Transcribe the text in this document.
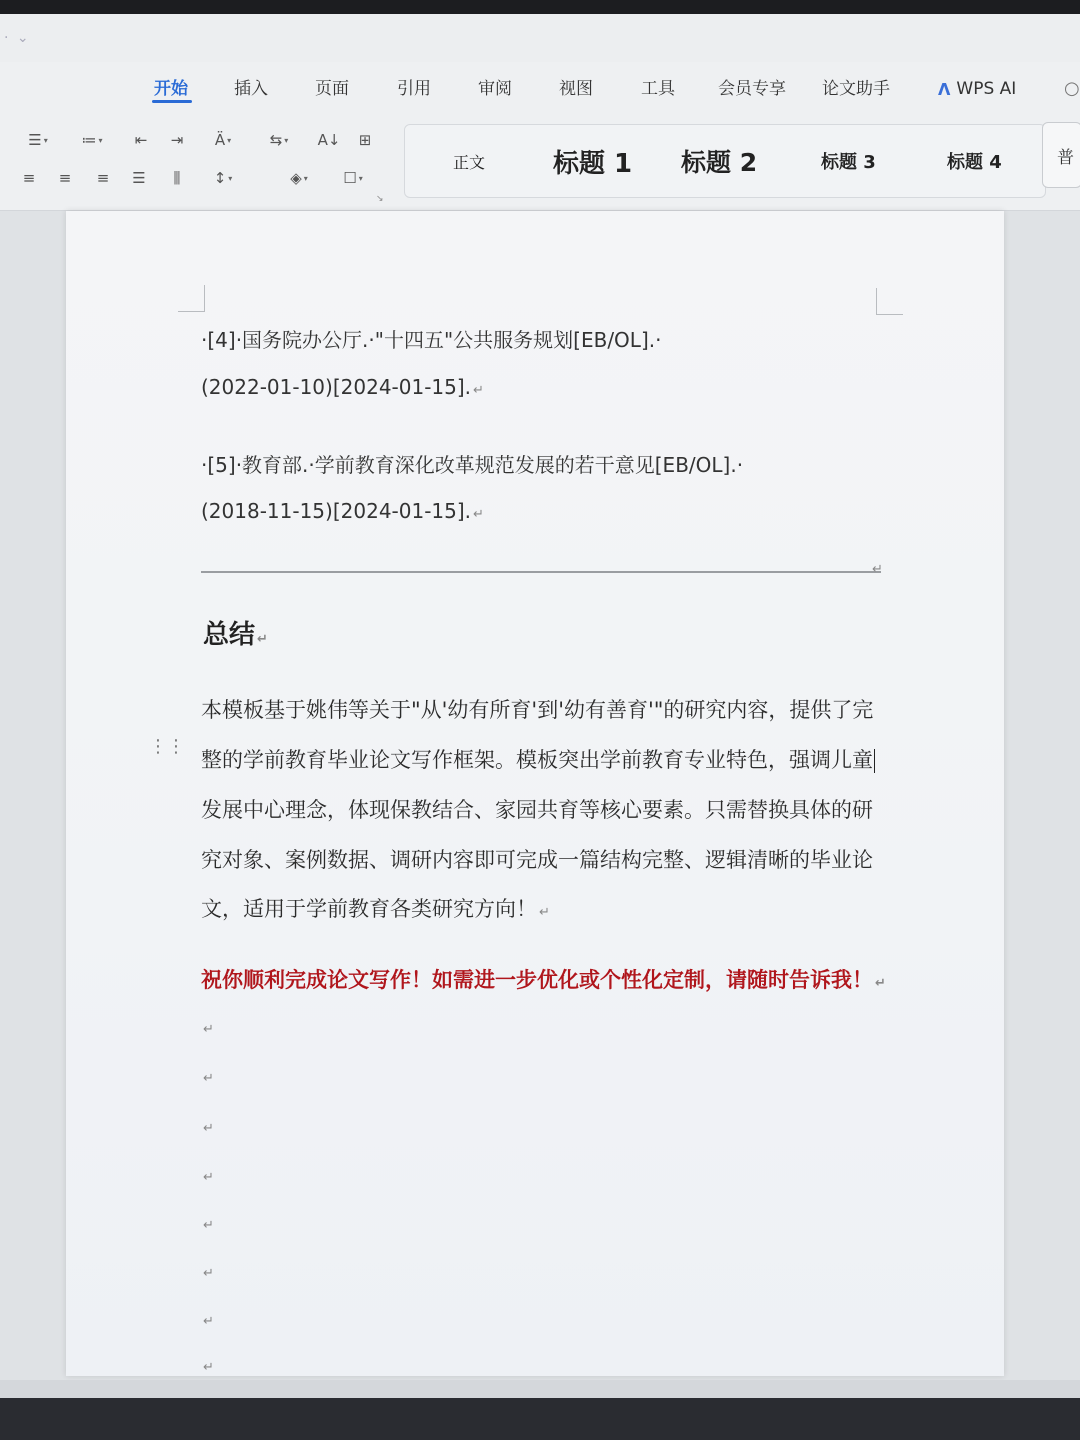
· ⌄
开始	插入	页面	引用	审阅	视图	工具	会员专享 论文助手	ᐱ WPS AI	○
☰ ▾	≔ ▾	⇤	⇥	Ä ▾	⇆ ▾ A↓	⊞
≡	≡	≡	☰	⫼	↕ ▾	◈ ▾	☐ ▾
↘
正文	标题 1 标题 2	标题 3	标题 4	普
·[4]·国务院办公厅.·"十四五"公共服务规划[EB/OL].·
(2022-01-10)[2024-01-15]. ↵
·[5]·教育部.·学前教育深化改革规范发展的若干意见[EB/OL].·
(2018-11-15)[2024-01-15]. ↵
↵
总结 ↵
⋮⋮
本模板基于姚伟等关于"从'幼有所育'到'幼有善育'"的研究内容，提供了完
整的学前教育毕业论文写作框架。模板突出学前教育专业特色，强调儿童
发展中心理念，体现保教结合、家园共育等核心要素。只需替换具体的研
究对象、案例数据、调研内容即可完成一篇结构完整、逻辑清晰的毕业论
文，适用于学前教育各类研究方向！ ↵
祝你顺利完成论文写作！如需进一步优化或个性化定制，请随时告诉我！ ↵
↵
↵
↵
↵
↵
↵
↵
↵
